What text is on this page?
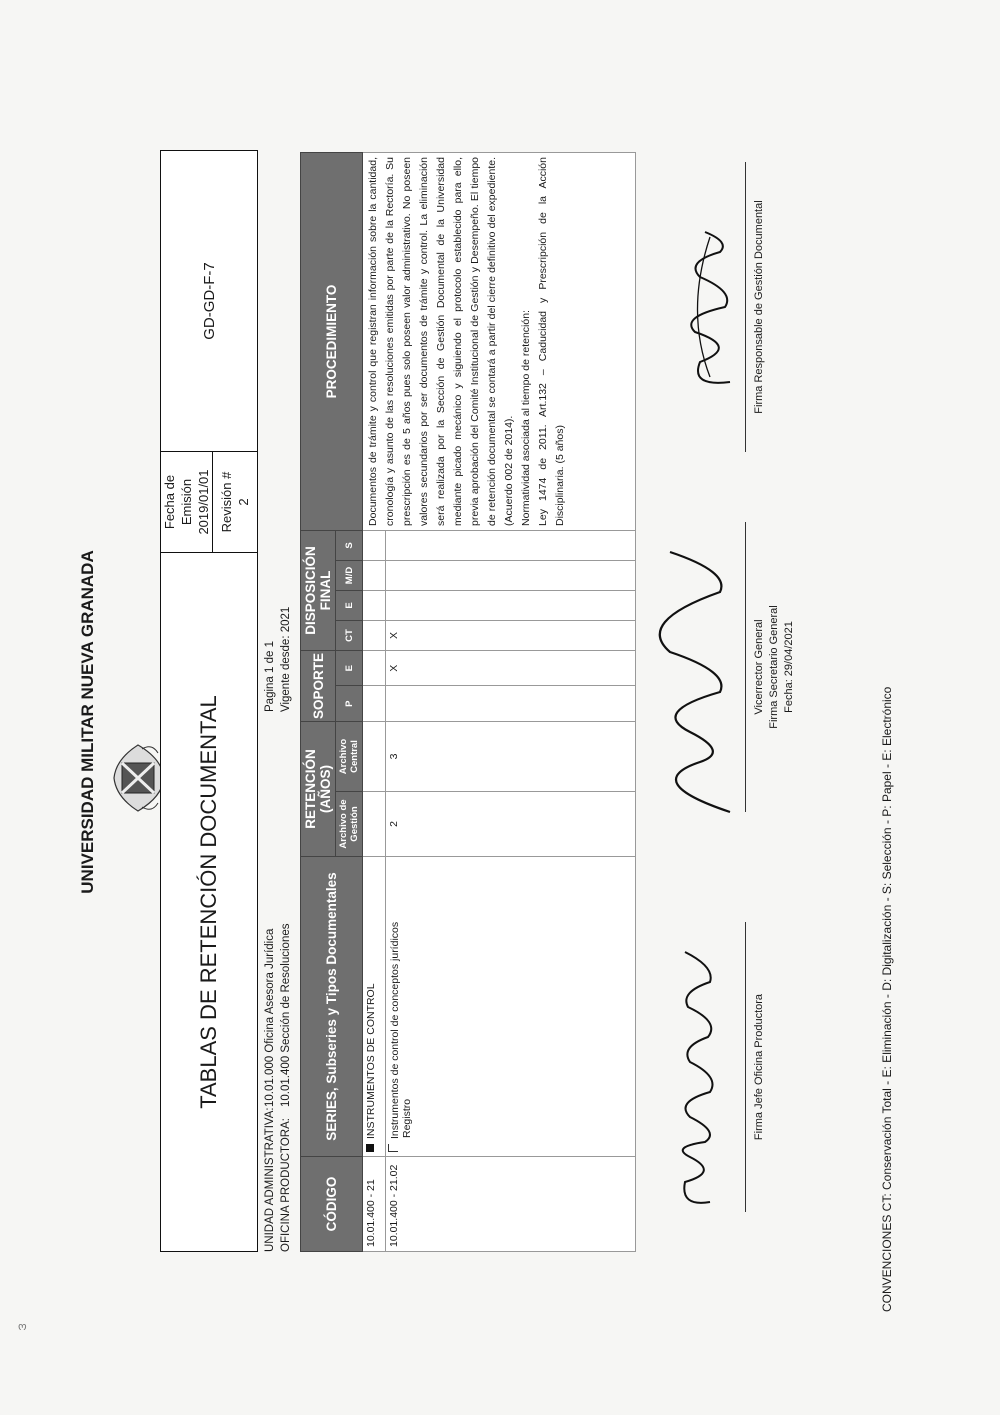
ო
UNIVERSIDAD MILITAR NUEVA GRANADA	TABLAS DE RETENCIÓN DOCUMENTAL
Fecha de Emisión 2019/01/01 Revisión # 2
GD-GD-F-7
UNIDAD ADMINISTRATIVA:10.01.000 Oficina Asesora Jurídica
OFICINA PRODUCTORA:10.01.400 Sección de Resoluciones
Pagina 1 de 1 Vigente desde: 2021
CÓDIGO	SERIES, Subseries y Tipos Documentales	RETENCIÓN (AÑOS)		SOPORTE		DISPOSICIÓN FINAL				PROCEDIMIENTO
		Archivo de Gestión	Archivo Central	P	E	CT	E	M/D	S	
10.01.400 - 21	INSTRUMENTOS DE CONTROL									Documentos de trámite y control que registran información sobre la cantidad, cronología y asunto de las resoluciones emitidas por parte de la Rectoría. Su prescripción es de 5 años pues solo poseen valor administrativo. No poseen valores secundarios por ser documentos de trámite y control. La eliminación será realizada por la Sección de Gestión Documental de la Universidad mediante picado mecánico y siguiendo el protocolo establecido para ello, previa aprobación del Comité Institucional de Gestión y Desempeño. El tiempo de retención documental se contará a partir del cierre definitivo del expediente. (Acuerdo 002 de 2014). Normatividad asociada al tiempo de retención: Ley 1474 de 2011. Art.132 – Caducidad y Prescripción de la Acción Disciplinaria. (5 años)

10.01.400 - 21.02	Instrumentos de control de conceptos jurídicos Registro	2	3		X	X				
Firma Jefe Oficina Productora
Vicerrector General Firma Secretario General Fecha: 29/04/2021
Firma Responsable de Gestión Documental
CONVENCIONES CT: Conservación Total - E: Eliminación - D: Digitalización - S: Selección - P: Papel - E: Electrónico
